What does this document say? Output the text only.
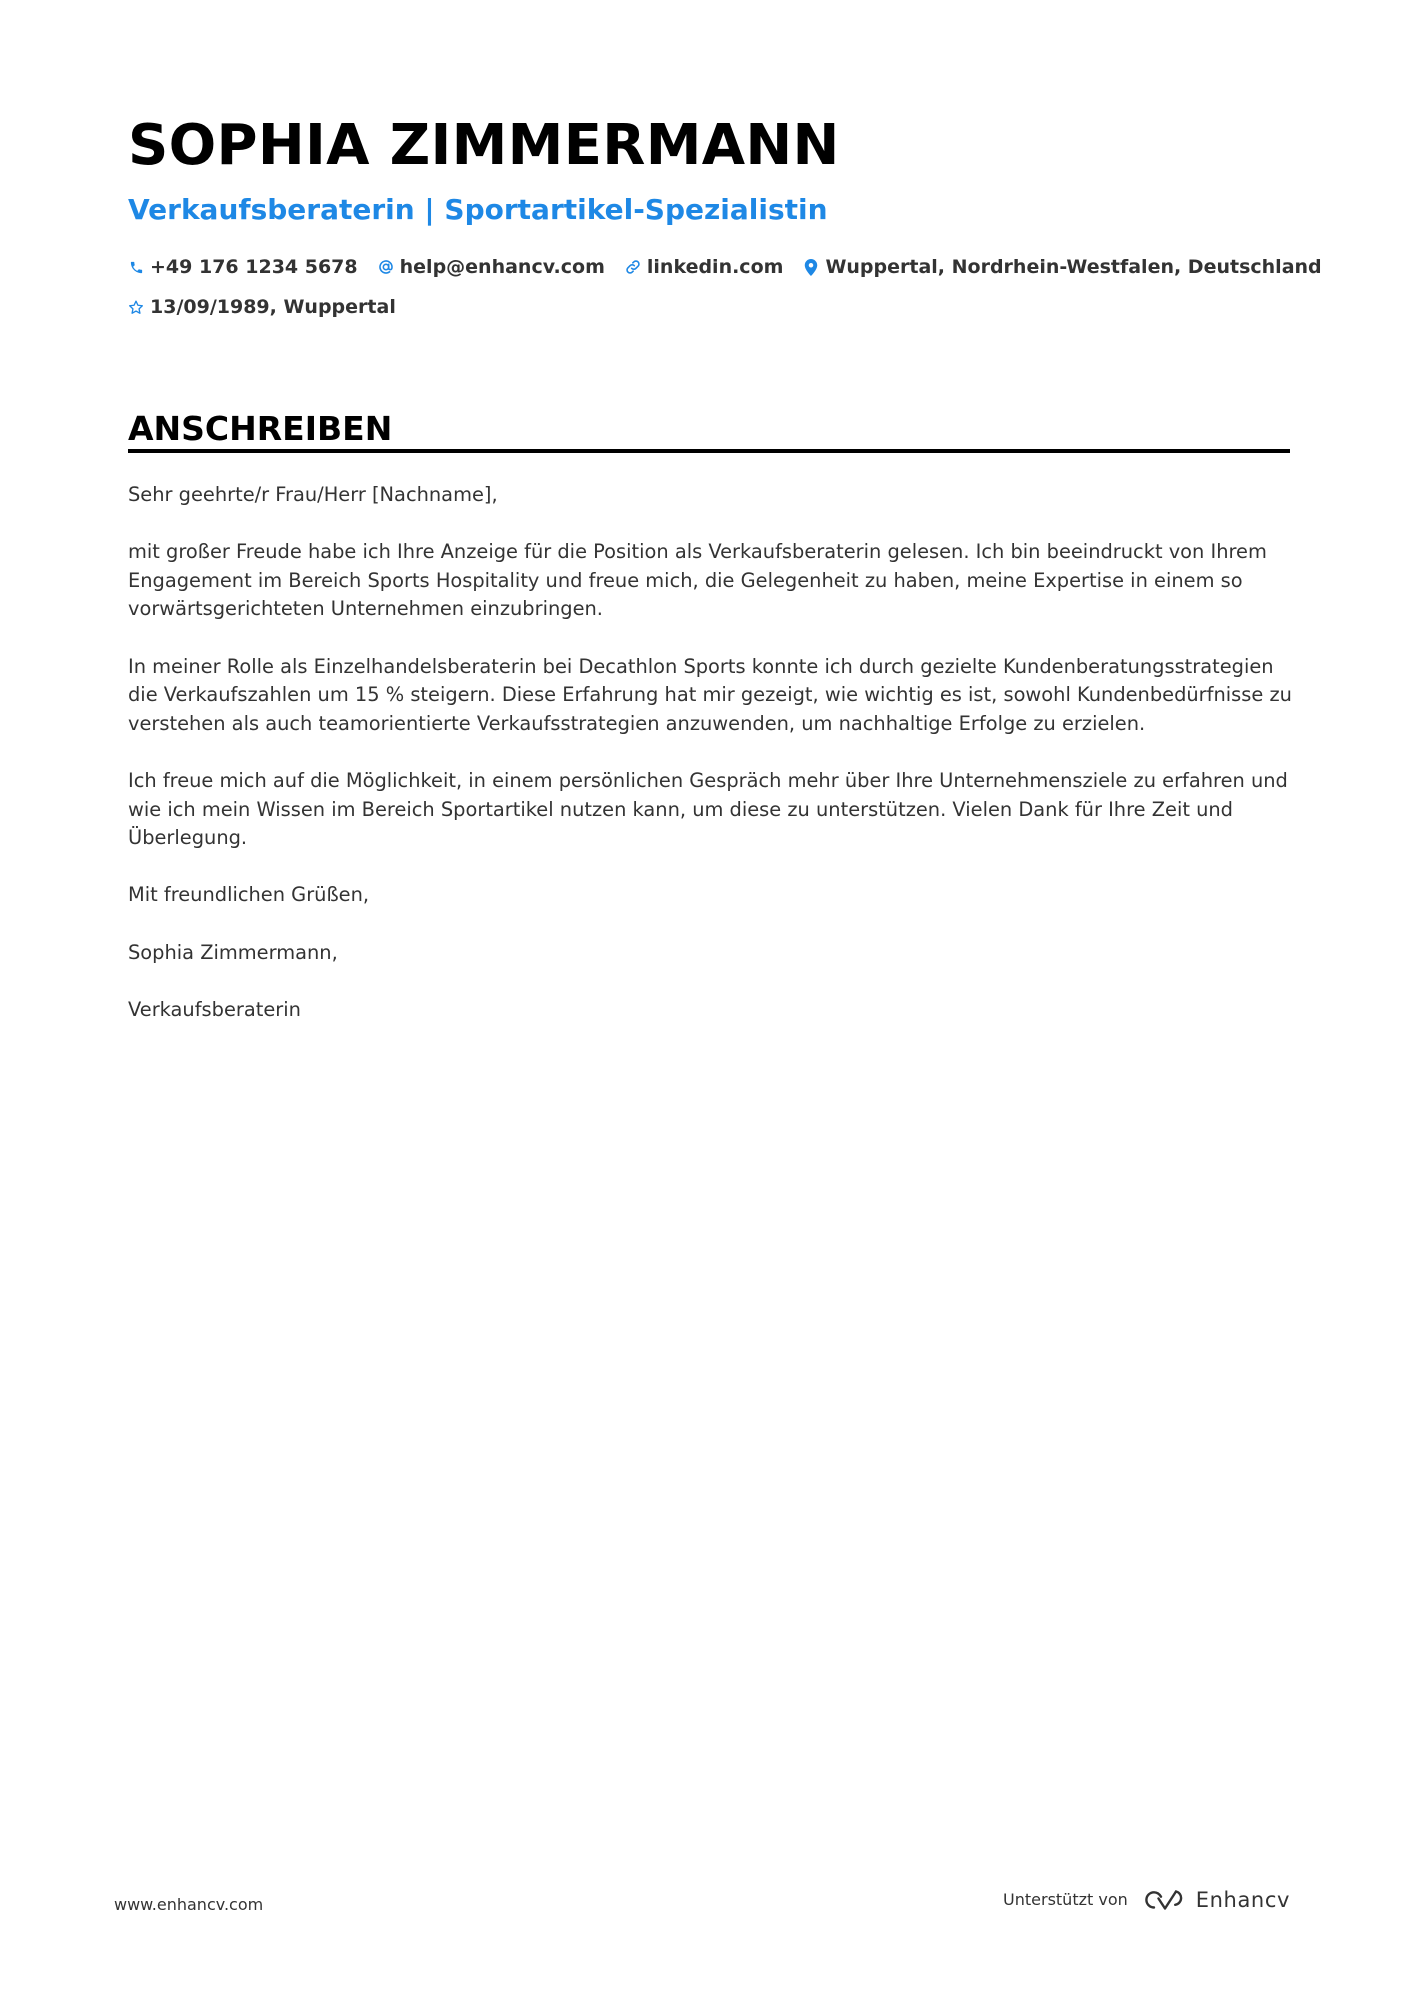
SOPHIA ZIMMERMANN
Verkaufsberaterin | Sportartikel-Spezialistin
+49 176 1234 5678 help@enhancv.com linkedin.com Wuppertal, Nordrhein-Westfalen, Deutschland
13/09/1989, Wuppertal
ANSCHREIBEN

Sehr geehrte/r Frau/Herr [Nachname],

mit großer Freude habe ich Ihre Anzeige für die Position als Verkaufsberaterin gelesen. Ich bin beeindruckt von Ihrem Engagement im Bereich Sports Hospitality und freue mich, die Gelegenheit zu haben, meine Expertise in einem so vorwärtsgerichteten Unternehmen einzubringen.

In meiner Rolle als Einzelhandelsberaterin bei Decathlon Sports konnte ich durch gezielte Kundenberatungsstrategien die Verkaufszahlen um 15 % steigern. Diese Erfahrung hat mir gezeigt, wie wichtig es ist, sowohl Kundenbedürfnisse zu verstehen als auch teamorientierte Verkaufsstrategien anzuwenden, um nachhaltige Erfolge zu erzielen.

Ich freue mich auf die Möglichkeit, in einem persönlichen Gespräch mehr über Ihre Unternehmensziele zu erfahren und wie ich mein Wissen im Bereich Sportartikel nutzen kann, um diese zu unterstützen. Vielen Dank für Ihre Zeit und Überlegung.

Mit freundlichen Grüßen,

Sophia Zimmermann,

Verkaufsberaterin

www.enhancv.com	Unterstützt von	Enhancv
